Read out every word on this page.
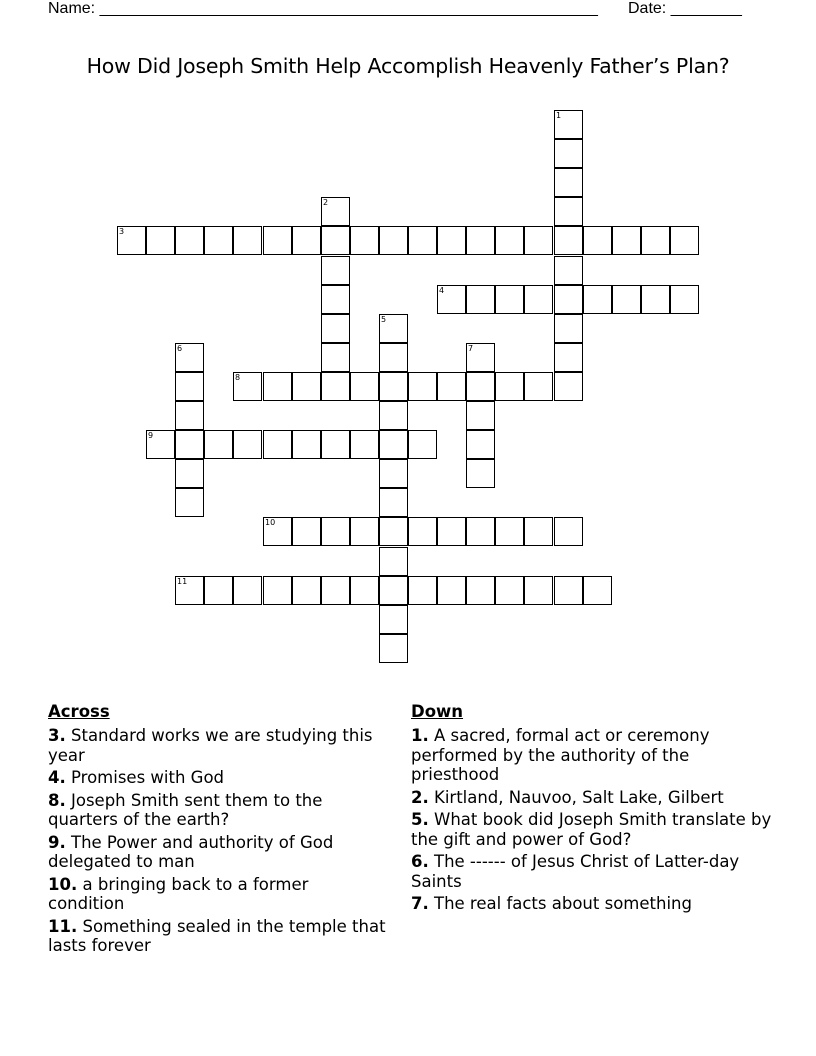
Name: ________________________________________________________

Date: ________

How Did Joseph Smith Help Accomplish Heavenly Father’s Plan?
1
2
3
4
5
6	7
8
9
10
11
Across
3. Standard works we are studying this year
4. Promises with God
8. Joseph Smith sent them to the quarters of the earth?
9. The Power and authority of God delegated to man
10. a bringing back to a former condition
11. Something sealed in the temple that lasts forever
Down
1. A sacred, formal act or ceremony performed by the authority of the priesthood
2. Kirtland, Nauvoo, Salt Lake, Gilbert
5. What book did Joseph Smith translate by the gift and power of God?
6. The ------ of Jesus Christ of Latter-day Saints
7. The real facts about something
